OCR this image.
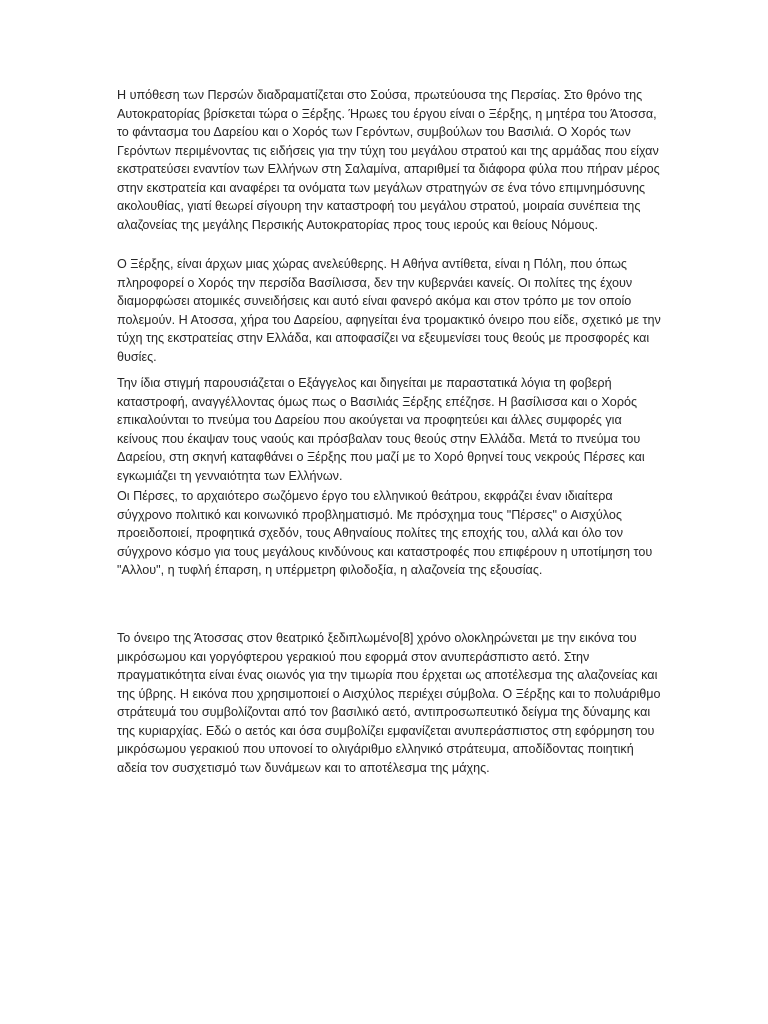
Η υπόθεση των Περσών διαδραματίζεται στο Σούσα, πρωτεύουσα της Περσίας. Στο θρόνο της Αυτοκρατορίας βρίσκεται τώρα ο Ξέρξης. Ήρωες του έργου είναι ο Ξέρξης, η μητέρα του Άτοσσα, το φάντασμα του Δαρείου και ο Χορός των Γερόντων, συμβούλων του Βασιλιά. Ο Χορός των Γερόντων περιμένοντας τις ειδήσεις για την τύχη του μεγάλου στρατού και της αρμάδας που είχαν εκστρατεύσει εναντίον των Ελλήνων στη Σαλαμίνα, απαριθμεί τα διάφορα φύλα που πήραν μέρος στην εκστρατεία και αναφέρει τα ονόματα των μεγάλων στρατηγών σε ένα τόνο επιμνημόσυνης ακολουθίας, γιατί θεωρεί σίγουρη την καταστροφή του μεγάλου στρατού, μοιραία συνέπεια της αλαζονείας της μεγάλης Περσικής Αυτοκρατορίας προς τους ιερούς και θείους Νόμους.

Ο Ξέρξης, είναι άρχων μιας χώρας ανελεύθερης. Η Αθήνα αντίθετα, είναι η Πόλη, που όπως πληροφορεί ο Χορός την περσίδα Βασίλισσα, δεν την κυβερνάει κανείς. Οι πολίτες της έχουν διαμορφώσει ατομικές συνειδήσεις και αυτό είναι φανερό ακόμα και στον τρόπο με τον οποίο πολεμούν. Η Ατοσσα, χήρα του Δαρείου, αφηγείται ένα τρομακτικό όνειρο που είδε, σχετικό με την τύχη της εκστρατείας στην Ελλάδα, και αποφασίζει να εξευμενίσει τους θεούς με προσφορές και θυσίες.

Την ίδια στιγμή παρουσιάζεται ο Εξάγγελος και διηγείται με παραστατικά λόγια τη φοβερή καταστροφή, αναγγέλλοντας όμως πως ο Βασιλιάς Ξέρξης επέζησε. Η βασίλισσα και ο Χορός επικαλούνται το πνεύμα του Δαρείου που ακούγεται να προφητεύει και άλλες συμφορές για κείνους που έκαψαν τους ναούς και πρόσβαλαν τους θεούς στην Ελλάδα. Μετά το πνεύμα του Δαρείου, στη σκηνή καταφθάνει ο Ξέρξης που μαζί με το Χορό θρηνεί τους νεκρούς Πέρσες και εγκωμιάζει τη γενναιότητα των Ελλήνων.

Οι Πέρσες, το αρχαιότερο σωζόμενο έργο του ελληνικού θεάτρου, εκφράζει έναν ιδιαίτερα σύγχρονο πολιτικό και κοινωνικό προβληματισμό. Με πρόσχημα τους "Πέρσες" ο Αισχύλος προειδοποιεί, προφητικά σχεδόν, τους Αθηναίους πολίτες της εποχής του, αλλά και όλο τον σύγχρονο κόσμο για τους μεγάλους κινδύνους και καταστροφές που επιφέρουν η υποτίμηση του "Αλλου", η τυφλή έπαρση, η υπέρμετρη φιλοδοξία, η αλαζονεία της εξουσίας.

Το όνειρο της Άτοσσας στον θεατρικό ξεδιπλωμένο[8] χρόνο ολοκληρώνεται με την εικόνα του μικρόσωμου και γοργόφτερου γερακιού που εφορμά στον ανυπεράσπιστο αετό. Στην πραγματικότητα είναι ένας οιωνός για την τιμωρία που έρχεται ως αποτέλεσμα της αλαζονείας και της ύβρης. Η εικόνα που χρησιμοποιεί ο Αισχύλος περιέχει σύμβολα. Ο Ξέρξης και το πολυάριθμο στράτευμά του συμβολίζονται από τον βασιλικό αετό, αντιπροσωπευτικό δείγμα της δύναμης και της κυριαρχίας. Εδώ ο αετός και όσα συμβολίζει εμφανίζεται ανυπεράσπιστος στη εφόρμηση του μικρόσωμου γερακιού που υπονοεί το ολιγάριθμο ελληνικό στράτευμα, αποδίδοντας ποιητική αδεία τον συσχετισμό των δυνάμεων και το αποτέλεσμα της μάχης.
